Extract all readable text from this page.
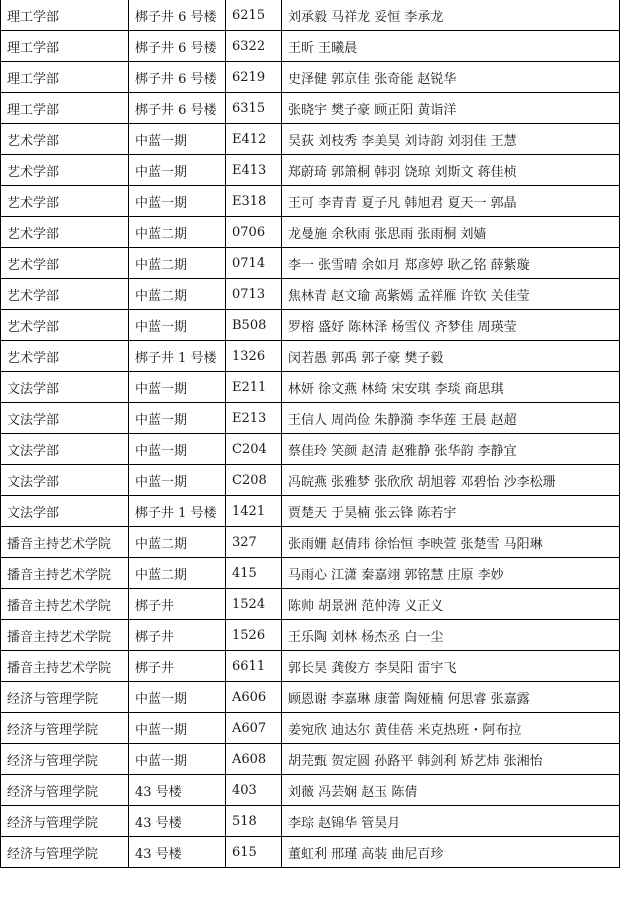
理工学部	梆子井 6 号楼	6215	刘承毅 马祥龙 妥恒 李承龙
理工学部	梆子井 6 号楼	6322	王昕 王曦晨
理工学部	梆子井 6 号楼	6219	史泽健 郭京佳 张奇能 赵锐华
理工学部	梆子井 6 号楼	6315	张晓宇 樊子豪 顾正阳 黄诣洋
艺术学部	中蓝一期	E412	吴荻 刘枝秀 李美昊 刘诗韵 刘羽佳 王慧
艺术学部	中蓝一期	E413	郑蔚琦 郭箫桐 韩羽 饶琼 刘斯文 蒋佳桢
艺术学部	中蓝一期	E318	王可 李青青 夏子凡 韩旭君 夏天一 郭晶
艺术学部	中蓝二期	0706	龙曼施 余秋雨 张思雨 张雨桐 刘嫱
艺术学部	中蓝二期	0714	李一 张雪晴 余如月 郑彦婷 耿乙铭 薛紫璇
艺术学部	中蓝二期	0713	焦林青 赵文瑜 高紫嫣 孟祥雁 许钦 关佳莹
艺术学部	中蓝一期	B508	罗榕 盛妤 陈林泽 杨雪仪 齐梦佳 周瑛莹
艺术学部	梆子井 1 号楼	1326	闵若愚 郭禹 郭子豪 樊子毅
文法学部	中蓝一期	E211	林妍 徐文燕 林绮 宋安琪 李琰 商思琪
文法学部	中蓝一期	E213	王信人 周尚俭 朱静漪 李华莲 王晨 赵超
文法学部	中蓝一期	C204	蔡佳玲 笑颜 赵清 赵雅静 张华韵 李静宜
文法学部	中蓝一期	C208	冯皖燕 张雅梦 张欣欣 胡旭蓉 邓碧怡 沙李松珊
文法学部	梆子井 1 号楼	1421	贾楚天 于昊楠 张云锋 陈若宇
播音主持艺术学院	中蓝二期	327	张雨姗 赵倩玮 徐怡恒 李映萱 张楚雪 马阳琳
播音主持艺术学院	中蓝二期	415	马雨心 江潇 秦嘉翊 郭铭慧 庄原 李妙
播音主持艺术学院	梆子井	1524	陈帅 胡景洲 范仲涛 义正义
播音主持艺术学院	梆子井	1526	王乐陶 刘林 杨杰丞 白一尘
播音主持艺术学院	梆子井	6611	郭长昊 龚俊方 李昊阳 雷宇飞
经济与管理学院	中蓝一期	A606	顾恩谢 李嘉琳 康蕾 陶娅楠 何思睿 张嘉露
经济与管理学院	中蓝一期	A607	姜宛欣 迪达尔 黄佳蓓 米克热班・阿布拉
经济与管理学院	中蓝一期	A608	胡芫甄 贺定圆 孙路平 韩剑利 矫艺炜 张湘怡
经济与管理学院	43 号楼	403	刘薇 冯芸娴 赵玉 陈倩
经济与管理学院	43 号楼	518	李琮 赵锦华 管昊月
经济与管理学院	43 号楼	615	董虹利 邢瑾 高装 曲尼百珍
